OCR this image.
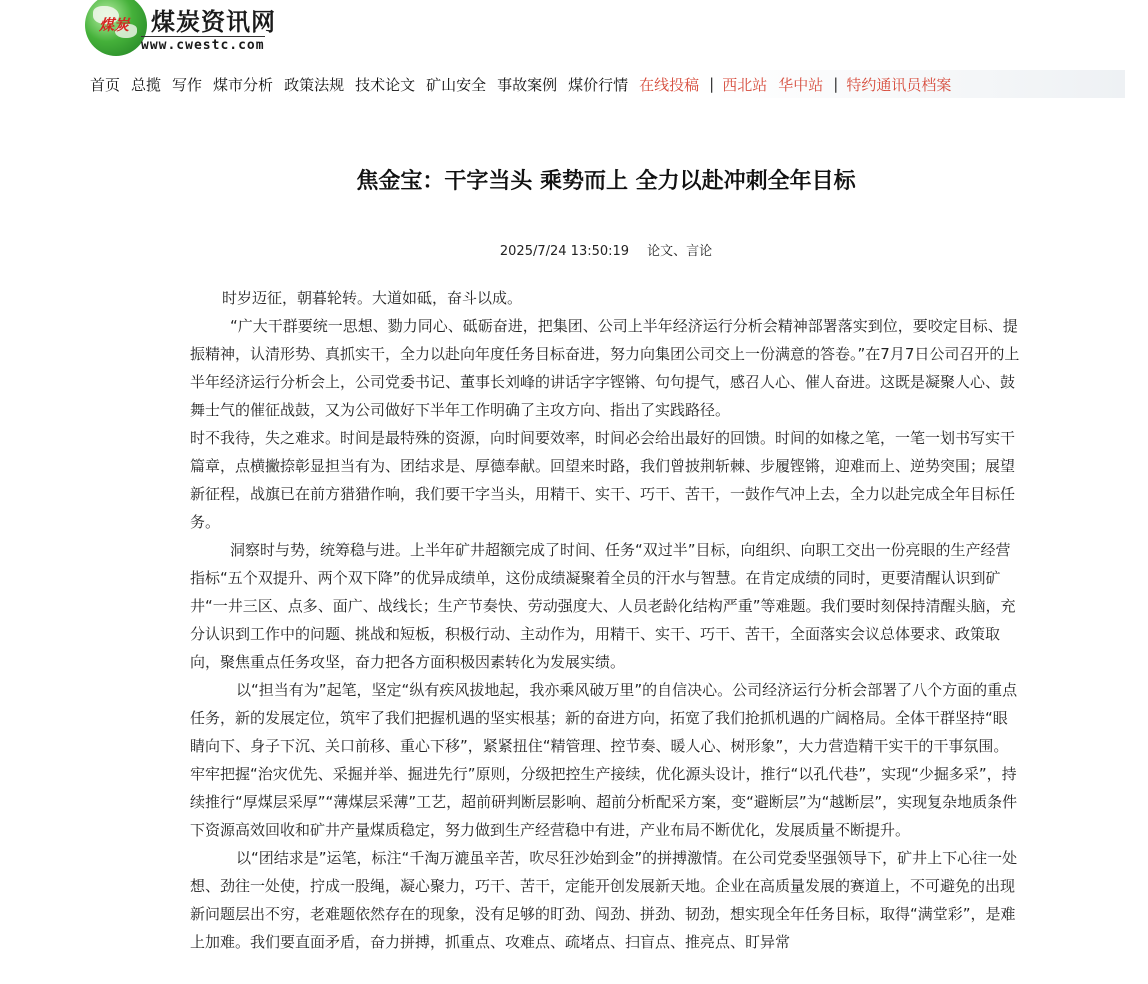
煤炭 煤炭资讯网
www.cwestc.com
首页 总揽 写作 煤市分析 政策法规 技术论文 矿山安全 事故案例 煤价行情 在线投稿 | 西北站 华中站 | 特约通讯员档案
焦金宝：干字当头 乘势而上 全力以赴冲刺全年目标
2025/7/24 13:50:19 论文、言论

时岁迈征，朝暮轮转。大道如砥，奋斗以成。

“广大干群要统一思想、勠力同心、砥砺奋进，把集团、公司上半年经济运行分析会精神部署落实到位，要咬定目标、提振精神，认清形势、真抓实干，全力以赴向年度任务目标奋进，努力向集团公司交上一份满意的答卷。”在7月7日公司召开的上半年经济运行分析会上，公司党委书记、董事长刘峰的讲话字字铿锵、句句提气，感召人心、催人奋进。这既是凝聚人心、鼓舞士气的催征战鼓，又为公司做好下半年工作明确了主攻方向、指出了实践路径。

时不我待，失之难求。时间是最特殊的资源，向时间要效率，时间必会给出最好的回馈。时间的如椽之笔，一笔一划书写实干篇章，点横撇捺彰显担当有为、团结求是、厚德奉献。回望来时路，我们曾披荆斩棘、步履铿锵，迎难而上、逆势突围；展望新征程，战旗已在前方猎猎作响，我们要干字当头，用精干、实干、巧干、苦干，一鼓作气冲上去，全力以赴完成全年目标任务。

洞察时与势，统筹稳与进。上半年矿井超额完成了时间、任务“双过半”目标，向组织、向职工交出一份亮眼的生产经营指标“五个双提升、两个双下降”的优异成绩单，这份成绩凝聚着全员的汗水与智慧。在肯定成绩的同时，更要清醒认识到矿井“一井三区、点多、面广、战线长；生产节奏快、劳动强度大、人员老龄化结构严重”等难题。我们要时刻保持清醒头脑，充分认识到工作中的问题、挑战和短板，积极行动、主动作为，用精干、实干、巧干、苦干，全面落实会议总体要求、政策取向，聚焦重点任务攻坚，奋力把各方面积极因素转化为发展实绩。

以“担当有为”起笔，坚定“纵有疾风拔地起，我亦乘风破万里”的自信决心。公司经济运行分析会部署了八个方面的重点任务，新的发展定位，筑牢了我们把握机遇的坚实根基；新的奋进方向，拓宽了我们抢抓机遇的广阔格局。全体干群坚持“眼睛向下、身子下沉、关口前移、重心下移”，紧紧扭住“精管理、控节奏、暖人心、树形象”，大力营造精干实干的干事氛围。牢牢把握“治灾优先、采掘并举、掘进先行”原则，分级把控生产接续，优化源头设计，推行“以孔代巷”，实现“少掘多采”，持续推行“厚煤层采厚”“薄煤层采薄”工艺，超前研判断层影响、超前分析配采方案，变“避断层”为“越断层”，实现复杂地质条件下资源高效回收和矿井产量煤质稳定，努力做到生产经营稳中有进，产业布局不断优化，发展质量不断提升。

以“团结求是”运笔，标注“千淘万漉虽辛苦，吹尽狂沙始到金”的拼搏激情。在公司党委坚强领导下，矿井上下心往一处想、劲往一处使，拧成一股绳，凝心聚力，巧干、苦干，定能开创发展新天地。企业在高质量发展的赛道上，不可避免的出现新问题层出不穷，老难题依然存在的现象，没有足够的盯劲、闯劲、拼劲、韧劲，想实现全年任务目标，取得“满堂彩”，是难上加难。我们要直面矛盾，奋力拼搏，抓重点、攻难点、疏堵点、扫盲点、推亮点、盯异常
